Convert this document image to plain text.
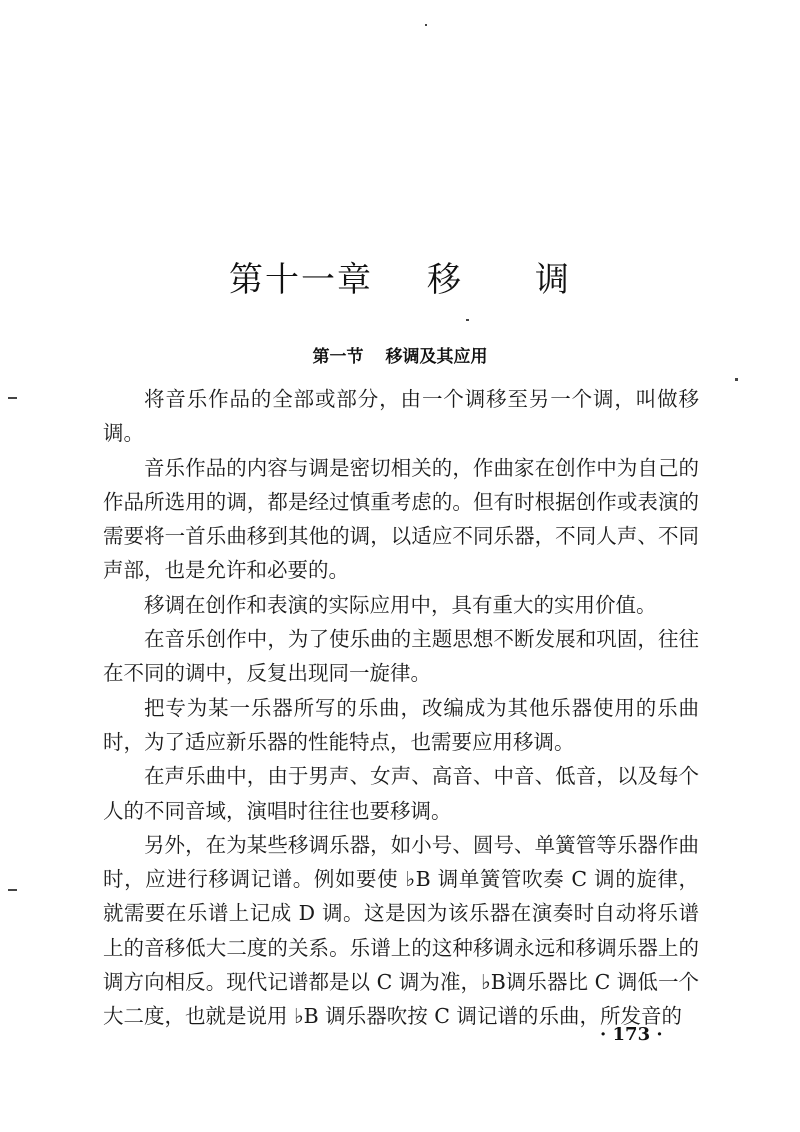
第十一章 移 调
第一节 移调及其应用

将音乐作品的全部或部分，由一个调移至另一个调，叫做移调。

音乐作品的内容与调是密切相关的，作曲家在创作中为自己的作品所选用的调，都是经过慎重考虑的。但有时根据创作或表演的需要将一首乐曲移到其他的调，以适应不同乐器，不同人声、不同声部，也是允许和必要的。

移调在创作和表演的实际应用中，具有重大的实用价值。

在音乐创作中，为了使乐曲的主题思想不断发展和巩固，往往在不同的调中，反复出现同一旋律。

把专为某一乐器所写的乐曲，改编成为其他乐器使用的乐曲时，为了适应新乐器的性能特点，也需要应用移调。

在声乐曲中，由于男声、女声、高音、中音、低音，以及每个人的不同音域，演唱时往往也要移调。

另外，在为某些移调乐器，如小号、圆号、单簧管等乐器作曲时，应进行移调记谱。例如要使 ♭B 调单簧管吹奏 C 调的旋律，就需要在乐谱上记成 D 调。这是因为该乐器在演奏时自动将乐谱上的音移低大二度的关系。乐谱上的这种移调永远和移调乐器上的调方向相反。现代记谱都是以 C 调为准，♭B调乐器比 C 调低一个大二度，也就是说用 ♭B 调乐器吹按 C 调记谱的乐曲，所发音的

· 173 ·
